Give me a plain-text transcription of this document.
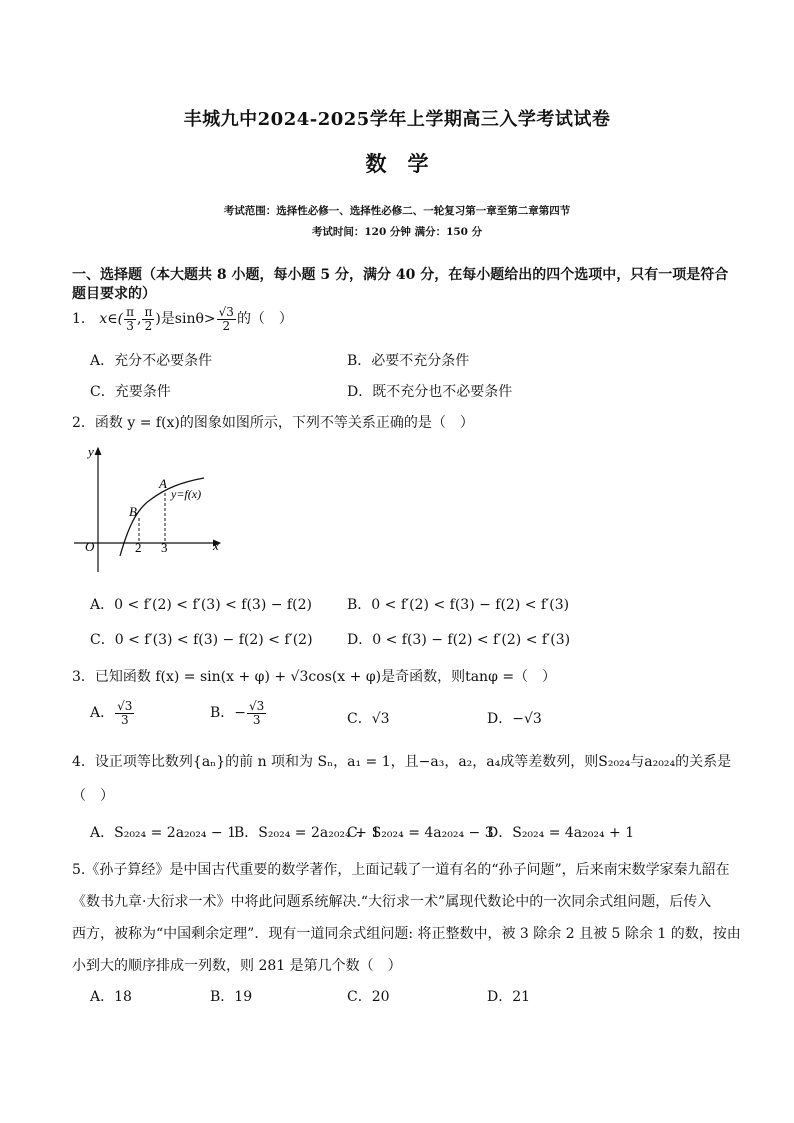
丰城九中2024-2025学年上学期高三入学考试试卷
数　学
考试范围：选择性必修一、选择性必修二、一轮复习第一章至第二章第四节
考试时间：120 分钟 满分：150 分
一、选择题（本大题共 8 小题，每小题 5 分，满分 40 分，在每小题给出的四个选项中，只有一项是符合
题目要求的）
1． x∈( $\frac{\pi}{3}$ , $\frac{\pi}{2}$ )是$\sin\theta> \frac{√3}{2}$ 的（　）
A．充分不必要条件	B．必要不充分条件
C．充要条件	D．既不充分也不必要条件
2．函数 y = f(x)的图象如图所示，下列不等关系正确的是（　）
y
x
O
A
B
y=f(x)
2 3
A．0 < f′(2) < f′(3) < f(3) − f(2)	B．0 < f′(2) < f(3) − f(2) < f′(3)
C．0 < f′(3) < f(3) − f(2) < f′(2) D．0 < f(3) − f(2) < f′(2) < f′(3)
3．已知函数 f(x) = sin(x + φ) + √3cos(x + φ)是奇函数，则tanφ =（　）
A． $\frac{√3}{3}$	B．− $\frac{√3}{3}$	C．√3	D．−√3
4．设正项等比数列{aₙ}的前 n 项和为 Sₙ，a₁ = 1，且−a₃，a₂，a₄成等差数列，则S₂₀₂₄与a₂₀₂₄的关系是
（　）
A．S₂₀₂₄ = 2a₂₀₂₄ − 1
B．S₂₀₂₄ = 2a₂₀₂₄ + 1
C．S₂₀₂₄ = 4a₂₀₂₄ − 3
D．S₂₀₂₄ = 4a₂₀₂₄ + 1
5.《孙子算经》是中国古代重要的数学著作，上面记载了一道有名的“孙子问题”，后来南宋数学家秦九韶在
《数书九章·大衍求一术》中将此问题系统解决.“大衍求一术”属现代数论中的一次同余式组问题，后传入
西方，被称为“中国剩余定理”．现有一道同余式组问题: 将正整数中，被 3 除余 2 且被 5 除余 1 的数，按由
小到大的顺序排成一列数，则 281 是第几个数（　）
A．18	B．19	C．20	D．21
